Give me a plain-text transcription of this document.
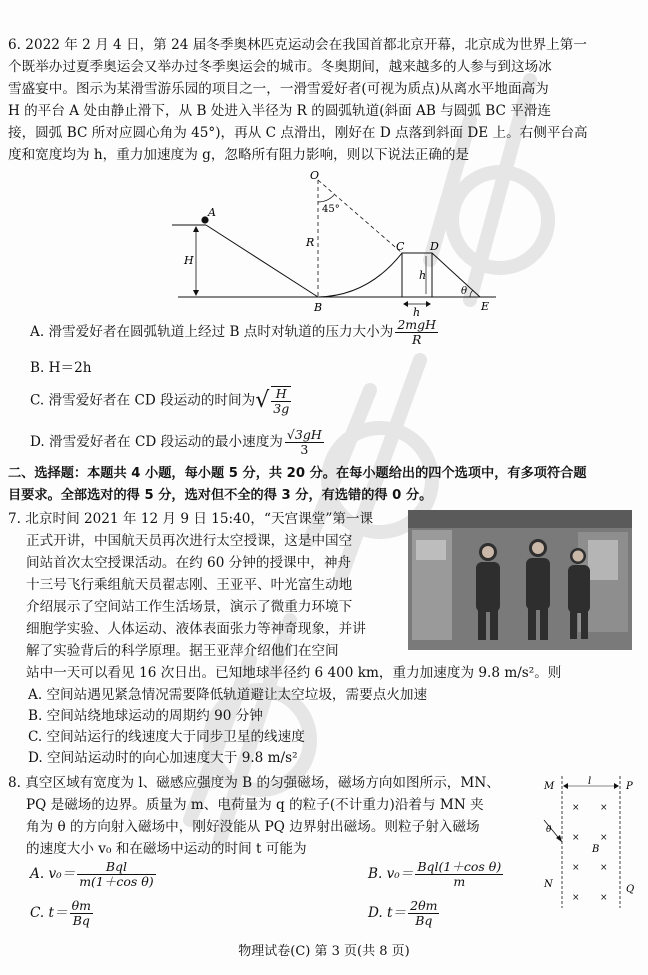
6. 2022 年 2 月 4 日，第 24 届冬季奥林匹克运动会在我国首都北京开幕，北京成为世界上第一

个既举办过夏季奥运会又举办过冬季奥运会的城市。冬奥期间，越来越多的人参与到这场冰

雪盛宴中。图示为某滑雪游乐园的项目之一，一滑雪爱好者(可视为质点)从离水平地面高为

H 的平台 A 处由静止滑下，从 B 处进入半径为 R 的圆弧轨道(斜面 AB 与圆弧 BC 平滑连

接，圆弧 BC 所对应圆心角为 45°)，再从 C 点滑出，刚好在 D 点落到斜面 DE 上。右侧平台高

度和宽度均为 h，重力加速度为 g，忽略所有阻力影响，则以下说法正确的是

O
45°
A
H
R
B
C D
h
h
θ
E
A. 滑雪爱好者在圆弧轨道上经过 B 点时对轨道的压力大小为 $\frac{\text{2mgH}}{R}$
B. H＝2h
C. 滑雪爱好者在 CD 段运动的时间为√ $\frac{H}{3g}$
D. 滑雪爱好者在 CD 段运动的最小速度为 $\frac{√3gH}{3}$

二、选择题：本题共 4 小题，每小题 5 分，共 20 分。在每小题给出的四个选项中，有多项符合题

目要求。全部选对的得 5 分，选对但不全的得 3 分，有选错的得 0 分。

7. 北京时间 2021 年 12 月 9 日 15:40，“天宫课堂”第一课

正式开讲，中国航天员再次进行太空授课，这是中国空

间站首次太空授课活动。在约 60 分钟的授课中，神舟

十三号飞行乘组航天员翟志刚、王亚平、叶光富生动地

介绍展示了空间站工作生活场景，演示了微重力环境下

细胞学实验、人体运动、液体表面张力等神奇现象，并讲

解了实验背后的科学原理。据王亚萍介绍他们在空间

站中一天可以看见 16 次日出。已知地球半径约 6 400 km，重力加速度为 9.8 m/s²。则
A. 空间站遇见紧急情况需要降低轨道避让太空垃圾，需要点火加速
B. 空间站绕地球运动的周期约 90 分钟
C. 空间站运行的线速度大于同步卫星的线速度
D. 空间站运动时的向心加速度大于 9.8 m/s²

8. 真空区域有宽度为 l、磁感应强度为 B 的匀强磁场，磁场方向如图所示，MN、

PQ 是磁场的边界。质量为 m、电荷量为 q 的粒子(不计重力)沿着与 MN 夹

角为 θ 的方向射入磁场中，刚好没能从 PQ 边界射出磁场。则粒子射入磁场

的速度大小 v₀ 和在磁场中运动的时间 t 可能为

l
M	P
N	Q
B
θ
× ×
× ×
× ×
× ×
A. $v_0= \frac{\text{Bql}}{\text{m(1＋cos θ)}}$	B. $v_0= \frac{\text{Bql(1＋cos θ)}}{m}$
C. $t= \frac{\theta m}{Bq}$	D. $t= \frac{2\theta m}{Bq}$
物理试卷(C) 第 3 页(共 8 页)
